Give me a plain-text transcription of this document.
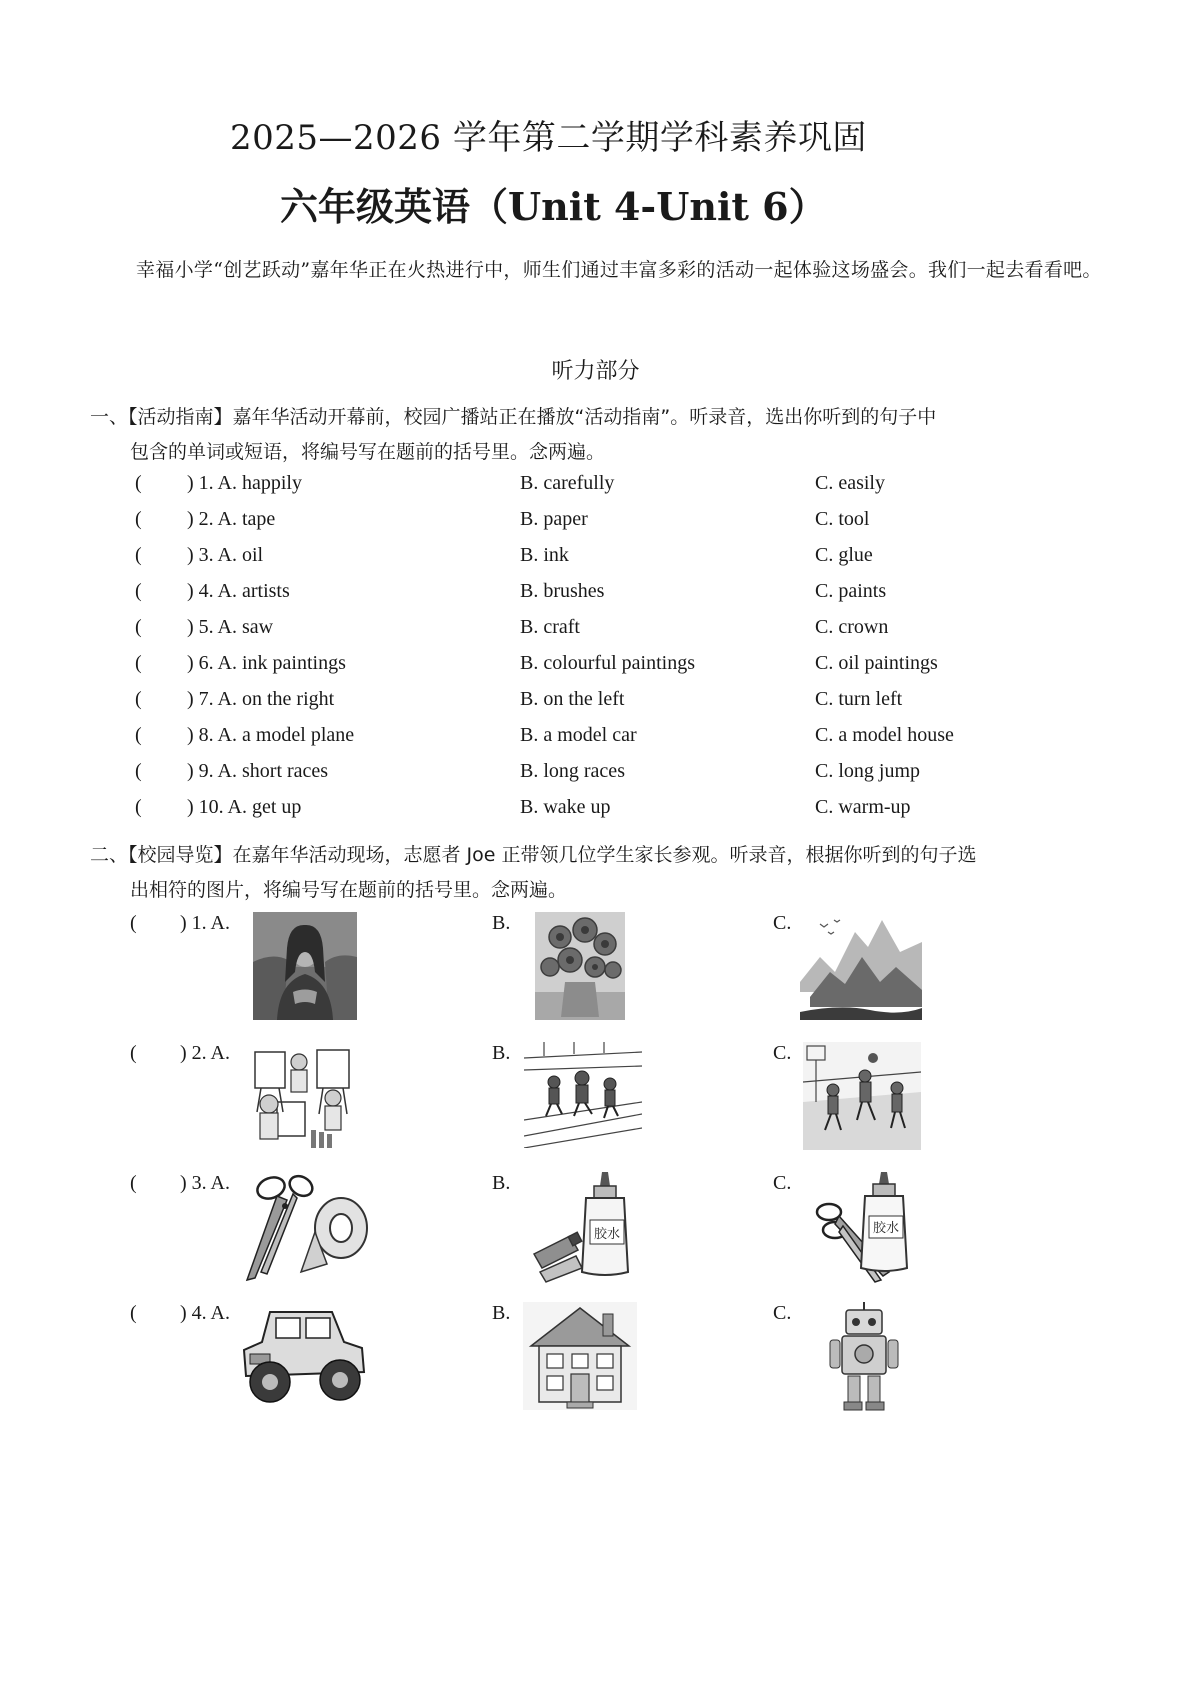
2025—2026 学年第二学期学科素养巩固
六年级英语（Unit 4-Unit 6）
幸福小学“创艺跃动”嘉年华正在火热进行中，师生们通过丰富多彩的活动一起体验这场盛会。我们一起去看看吧。
听力部分
一、【活动指南】嘉年华活动开幕前，校园广播站正在播放“活动指南”。听录音，选出你听到的句子中
包含的单词或短语，将编号写在题前的括号里。念两遍。
( ) 1. A. happily	B. carefully	C. easily
( ) 2. A. tape	B. paper	C. tool
( ) 3. A. oil	B. ink	C. glue
( ) 4. A. artists	B. brushes	C. paints
( ) 5. A. saw	B. craft	C. crown
( ) 6. A. ink paintings	B. colourful paintings	C. oil paintings
( ) 7. A. on the right	B. on the left	C. turn left
( ) 8. A. a model plane	B. a model car	C. a model house
( ) 9. A. short races	B. long races	C. long jump
( ) 10. A. get up	B. wake up	C. warm-up
二、【校园导览】在嘉年华活动现场，志愿者 Joe 正带领几位学生家长参观。听录音，根据你听到的句子选
出相符的图片，将编号写在题前的括号里。念两遍。
( ) 1. A.	B.	C.
( ) 2. A.	B.	C.
( ) 3. A.	B.	C.
胶水	胶水
( ) 4. A.	B.	C.
